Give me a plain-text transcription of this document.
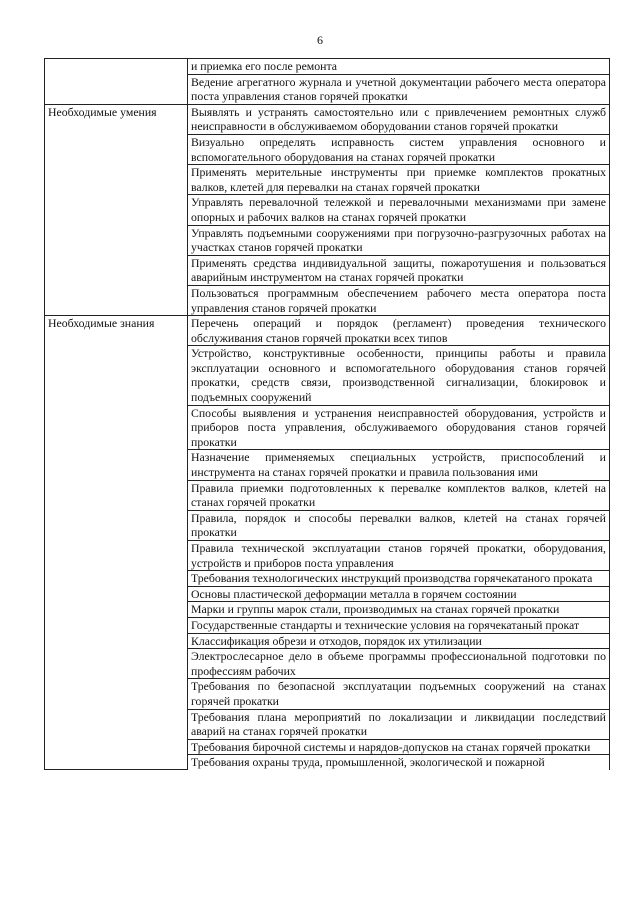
6
	и приемка его после ремонта
	Ведение агрегатного журнала и учетной документации рабочего места оператора поста управления станов горячей прокатки
Необходимые умения	Выявлять и устранять самостоятельно или с привлечением ремонтных служб неисправности в обслуживаемом оборудовании станов горячей прокатки
	Визуально определять исправность систем управления основного и вспомогательного оборудования на станах горячей прокатки
	Применять мерительные инструменты при приемке комплектов прокатных валков, клетей для перевалки на станах горячей прокатки
	Управлять перевалочной тележкой и перевалочными механизмами при замене опорных и рабочих валков на станах горячей прокатки
	Управлять подъемными сооружениями при погрузочно-разгрузочных работах на участках станов горячей прокатки
	Применять средства индивидуальной защиты, пожаротушения и пользоваться аварийным инструментом на станах горячей прокатки
	Пользоваться программным обеспечением рабочего места оператора поста управления станов горячей прокатки
Необходимые знания	Перечень операций и порядок (регламент) проведения технического обслуживания станов горячей прокатки всех типов
	Устройство, конструктивные особенности, принципы работы и правила эксплуатации основного и вспомогательного оборудования станов горячей прокатки, средств связи, производственной сигнализации, блокировок и подъемных сооружений
	Способы выявления и устранения неисправностей оборудования, устройств и приборов поста управления, обслуживаемого оборудования станов горячей прокатки
	Назначение применяемых специальных устройств, приспособлений и инструмента на станах горячей прокатки и правила пользования ими
	Правила приемки подготовленных к перевалке комплектов валков, клетей на станах горячей прокатки
	Правила, порядок и способы перевалки валков, клетей на станах горячей прокатки
	Правила технической эксплуатации станов горячей прокатки, оборудования, устройств и приборов поста управления
	Требования технологических инструкций производства горячекатаного проката
	Основы пластической деформации металла в горячем состоянии
	Марки и группы марок стали, производимых на станах горячей прокатки
	Государственные стандарты и технические условия на горячекатаный прокат
	Классификация обрези и отходов, порядок их утилизации
	Электрослесарное дело в объеме программы профессиональной подготовки по профессиям рабочих
	Требования по безопасной эксплуатации подъемных сооружений на станах горячей прокатки
	Требования плана мероприятий по локализации и ликвидации последствий аварий на станах горячей прокатки
	Требования бирочной системы и нарядов-допусков на станах горячей прокатки
	Требования охраны труда, промышленной, экологической и пожарной
